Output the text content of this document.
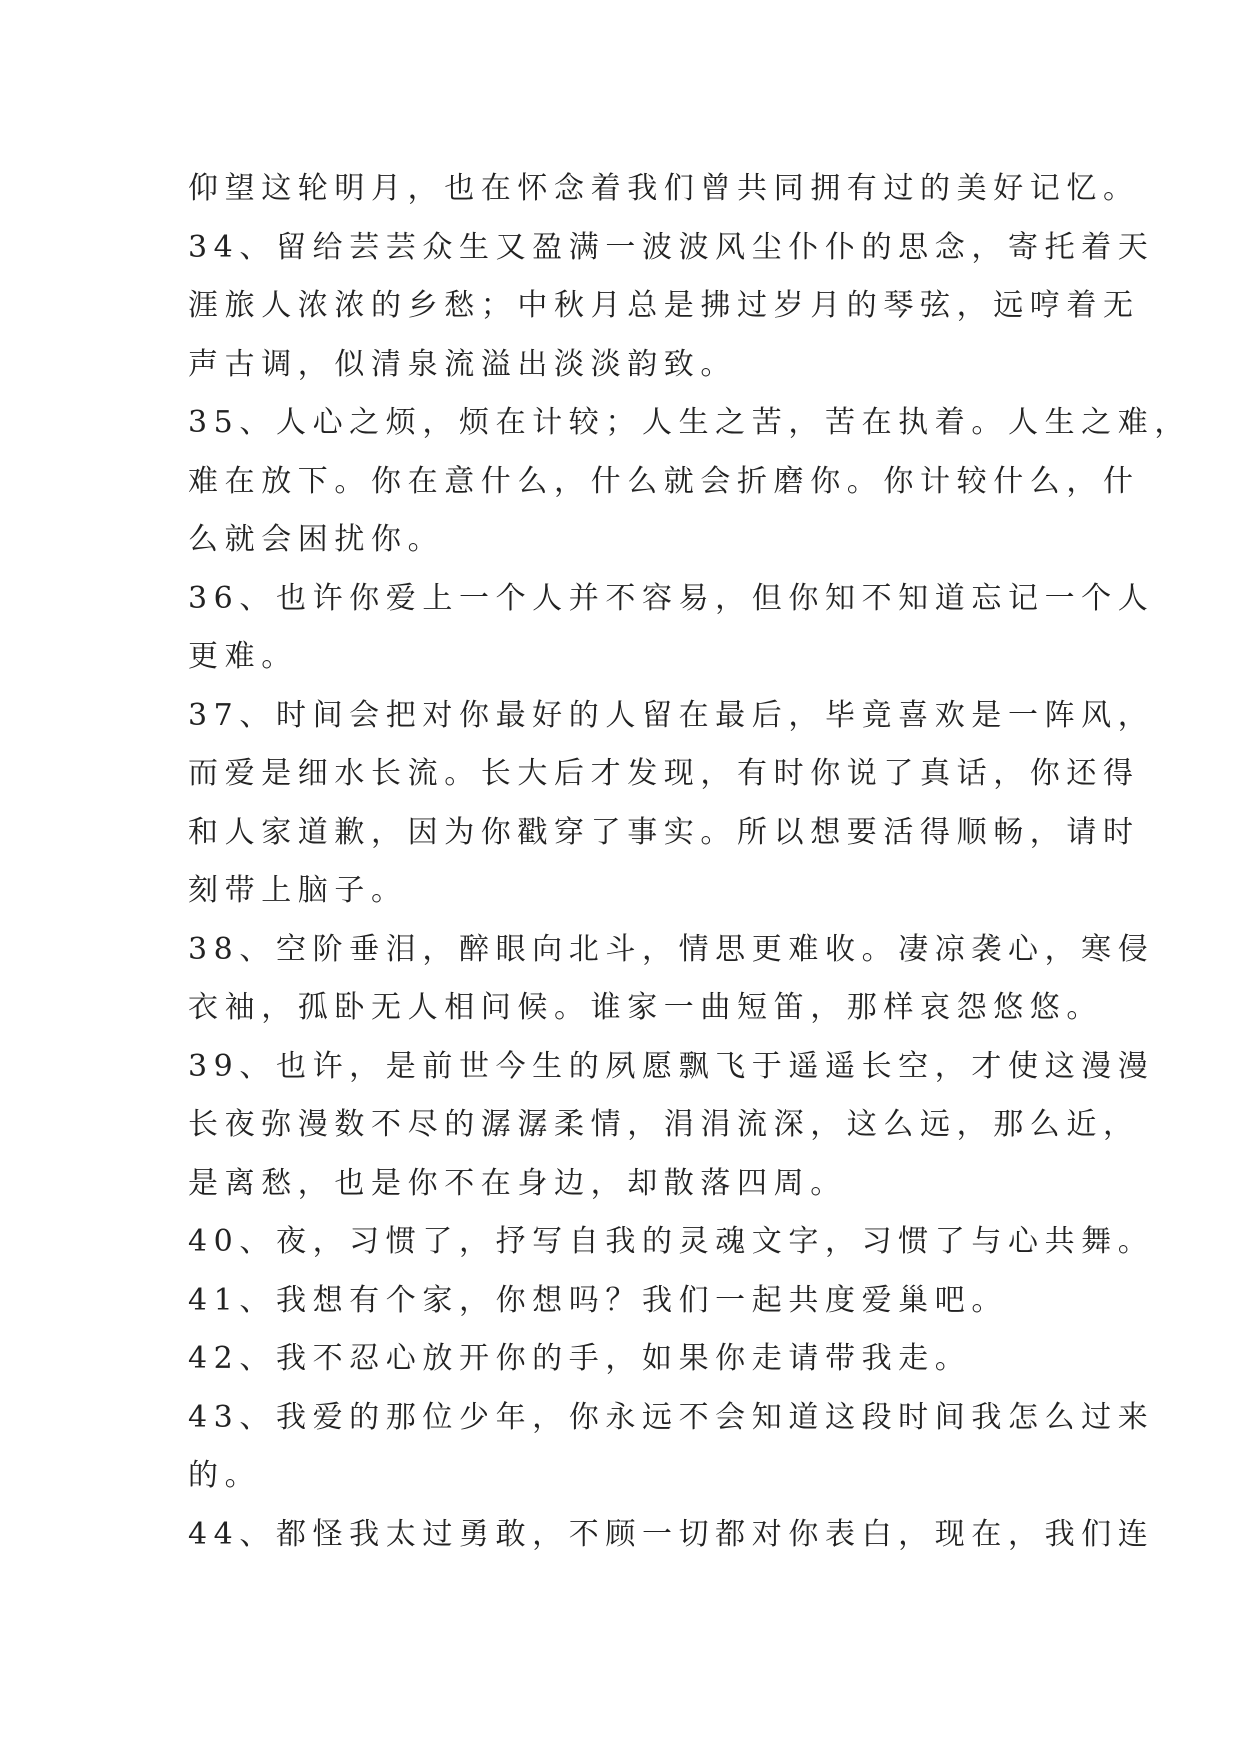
仰望这轮明月，也在怀念着我们曾共同拥有过的美好记忆。
34、留给芸芸众生又盈满一波波风尘仆仆的思念，寄托着天
涯旅人浓浓的乡愁；中秋月总是拂过岁月的琴弦，远哼着无
声古调，似清泉流溢出淡淡韵致。
35、人心之烦，烦在计较；人生之苦，苦在执着。人生之难，
难在放下。你在意什么，什么就会折磨你。你计较什么，什
么就会困扰你。
36、也许你爱上一个人并不容易，但你知不知道忘记一个人
更难。
37、时间会把对你最好的人留在最后，毕竟喜欢是一阵风，
而爱是细水长流。长大后才发现，有时你说了真话，你还得
和人家道歉，因为你戳穿了事实。所以想要活得顺畅，请时
刻带上脑子。
38、空阶垂泪，醉眼向北斗，情思更难收。凄凉袭心，寒侵
衣袖，孤卧无人相问候。谁家一曲短笛，那样哀怨悠悠。
39、也许，是前世今生的夙愿飘飞于遥遥长空，才使这漫漫
长夜弥漫数不尽的潺潺柔情，涓涓流深，这么远，那么近，
是离愁，也是你不在身边，却散落四周。
40、夜，习惯了，抒写自我的灵魂文字，习惯了与心共舞。
41、我想有个家，你想吗？我们一起共度爱巢吧。
42、我不忍心放开你的手，如果你走请带我走。
43、我爱的那位少年，你永远不会知道这段时间我怎么过来
的。
44、都怪我太过勇敢，不顾一切都对你表白，现在，我们连
